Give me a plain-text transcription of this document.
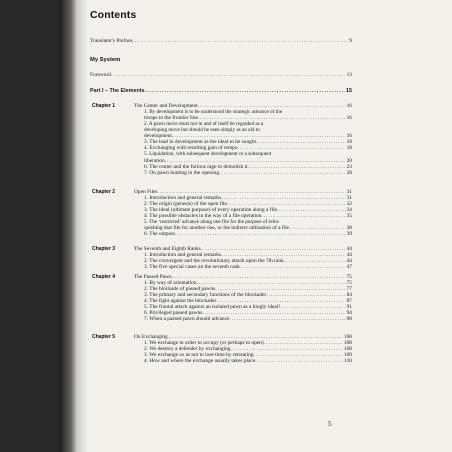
Contents
Translator's Preface .....	9
My System
Foreword .....	13
Part I – The Elements .....	15
Chapter 1	The Center and Development .....	16
1. By development is to be understood the strategic advance of the
troops to the frontier line .....	16
2. A pawn move must not in and of itself be regarded as a
developing move but should be seen simply as an aid to
development .....	16
3. The lead in development as the ideal to be sought .....	18
4. Exchanging with resulting gain of tempo .....	18
5. Liquidation, with subsequent development or a subsequent
liberation .....	20
6. The center and the furious rage to demolish it .....	23
7. On pawn hunting in the opening .....	28
Chapter 2	Open Files .....	31
1. Introduction and general remarks .....	31
2. The origin (genesis) of the open file .....	32
3. The ideal (ultimate purpose) of every operation along a file .....	34
4. The possible obstacles in the way of a file operation .....	35
5. The ‘restricted’ advance along one file for the purpose of relin-
quishing that file for another one, or the indirect utilization of a file .....	38
6. The outpost .....	39
Chapter 3	The Seventh and Eighth Ranks .....	44
1. Introduction and general remarks .....	44
2. The convergent and the revolutionary attack upon the 7th rank .....	44
3. The five special cases on the seventh rank .....	47
Chapter 4	The Passed Pawn .....	75
1. By way of orientation .....	75
2. The blockade of passed pawns .....	77
3. The primary and secondary functions of the blockader .....	84
4. The fight against the blockader .....	87
5. The frontal attack against an isolated pawn as a kingly ideal! .....	91
6. Privileged passed pawns .....	94
7. When a passed pawn should advance .....	98
Chapter 5	On Exchanging .....	108
1. We exchange in order to occupy (or perhaps to open) .....	108
2. We destroy a defender by exchanging .....	108
3. We exchange so as not to lose time by retreating .....	109
4. How and where the exchange usually takes place .....	110
5
